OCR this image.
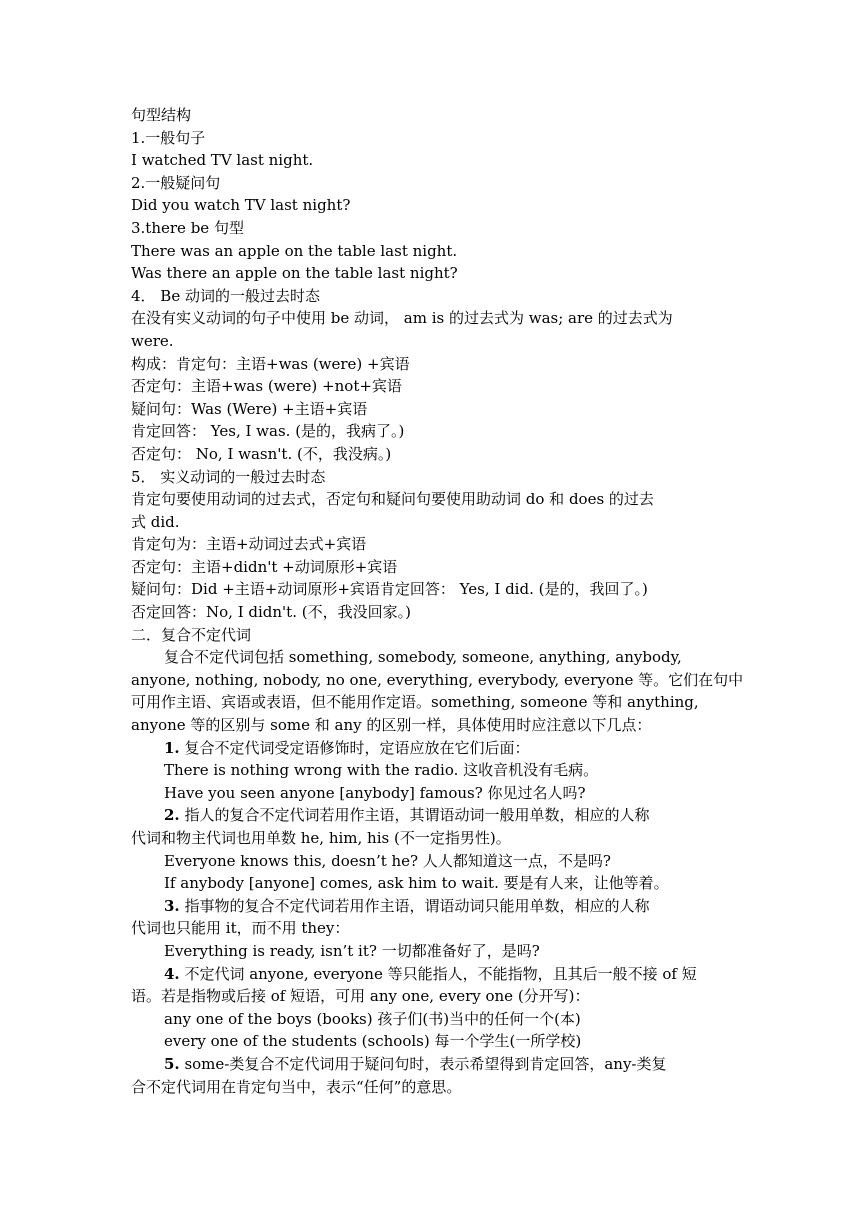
句型结构
1.一般句子
I watched TV last night.
2.一般疑问句
Did you watch TV last night?
3.there be 句型
There was an apple on the table last night.
Was there an apple on the table last night?
4． Be 动词的一般过去时态
在没有实义动词的句子中使用 be 动词， am is 的过去式为 was; are 的过去式为
were.
构成：肯定句：主语+was (were) +宾语
否定句：主语+was (were) +not+宾语
疑问句：Was (Were) +主语+宾语
肯定回答： Yes, I was. (是的，我病了。)
否定句： No, I wasn't. (不，我没病。)
5． 实义动词的一般过去时态
肯定句要使用动词的过去式，否定句和疑问句要使用助动词 do 和 does 的过去
式 did.
肯定句为：主语+动词过去式+宾语
否定句：主语+didn't +动词原形+宾语
疑问句：Did +主语+动词原形+宾语肯定回答： Yes, I did. (是的，我回了。)
否定回答：No, I didn't. (不，我没回家。)
二．复合不定代词
复合不定代词包括 something, somebody, someone, anything, anybody,
anyone, nothing, nobody, no one, everything, everybody, everyone 等。它们在句中
可用作主语、宾语或表语，但不能用作定语。something, someone 等和 anything,
anyone 等的区别与 some 和 any 的区别一样，具体使用时应注意以下几点：
1. 复合不定代词受定语修饰时，定语应放在它们后面：
There is nothing wrong with the radio. 这收音机没有毛病。
Have you seen anyone [anybody] famous? 你见过名人吗?
2. 指人的复合不定代词若用作主语，其谓语动词一般用单数，相应的人称
代词和物主代词也用单数 he, him, his (不一定指男性)。
Everyone knows this, doesn’t he? 人人都知道这一点，不是吗?
If anybody [anyone] comes, ask him to wait. 要是有人来，让他等着。
3. 指事物的复合不定代词若用作主语，谓语动词只能用单数，相应的人称
代词也只能用 it，而不用 they：
Everything is ready, isn’t it? 一切都准备好了，是吗?
4. 不定代词 anyone, everyone 等只能指人，不能指物，且其后一般不接 of 短
语。若是指物或后接 of 短语，可用 any one, every one (分开写)：
any one of the boys (books) 孩子们(书)当中的任何一个(本)
every one of the students (schools) 每一个学生(一所学校)
5. some-类复合不定代词用于疑问句时，表示希望得到肯定回答，any-类复
合不定代词用在肯定句当中，表示“任何”的意思。
